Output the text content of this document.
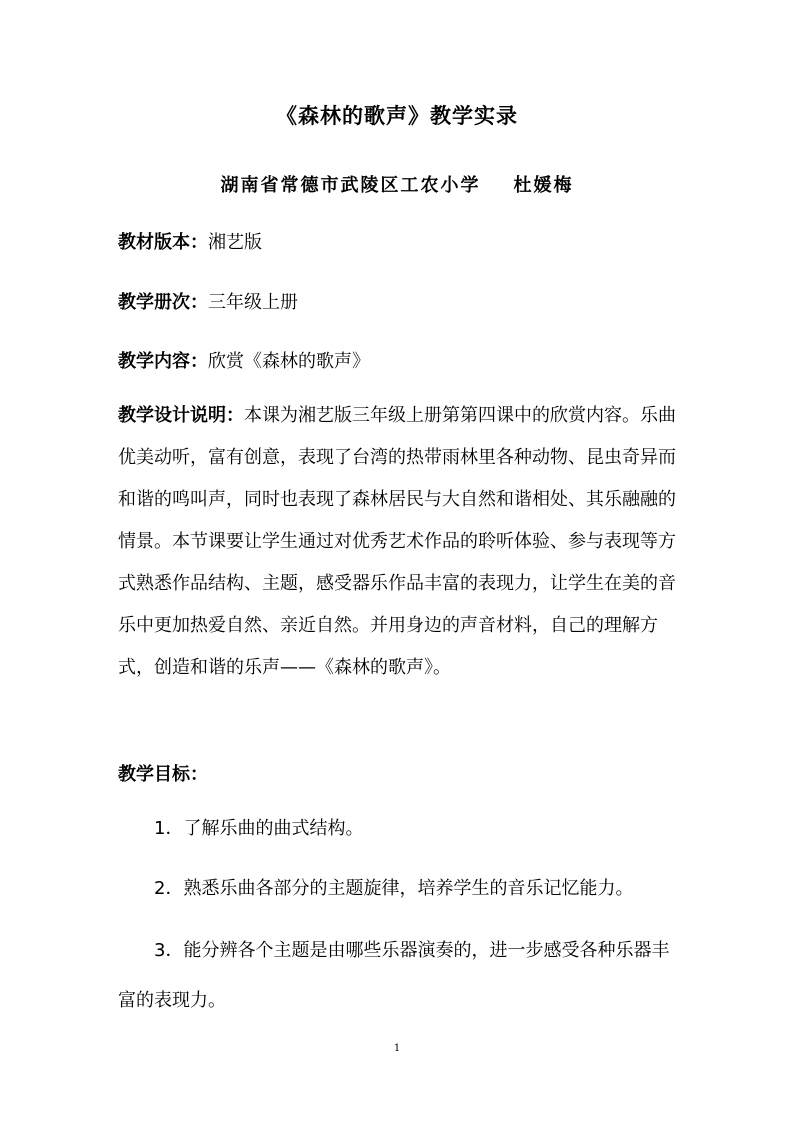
《森林的歌声》教学实录
湖南省常德市武陵区工农小学    杜媛梅
教材版本：湘艺版
教学册次：三年级上册
教学内容：欣赏《森林的歌声》
教学设计说明：本课为湘艺版三年级上册第第四课中的欣赏内容。乐曲优美动听，富有创意，表现了台湾的热带雨林里各种动物、昆虫奇异而和谐的鸣叫声，同时也表现了森林居民与大自然和谐相处、其乐融融的情景。本节课要让学生通过对优秀艺术作品的聆听体验、参与表现等方式熟悉作品结构、主题，感受器乐作品丰富的表现力，让学生在美的音乐中更加热爱自然、亲近自然。并用身边的声音材料，自己的理解方式，创造和谐的乐声——《森林的歌声》。
教学目标：
1．了解乐曲的曲式结构。
2．熟悉乐曲各部分的主题旋律，培养学生的音乐记忆能力。
3．能分辨各个主题是由哪些乐器演奏的，进一步感受各种乐器丰富的表现力。
1
